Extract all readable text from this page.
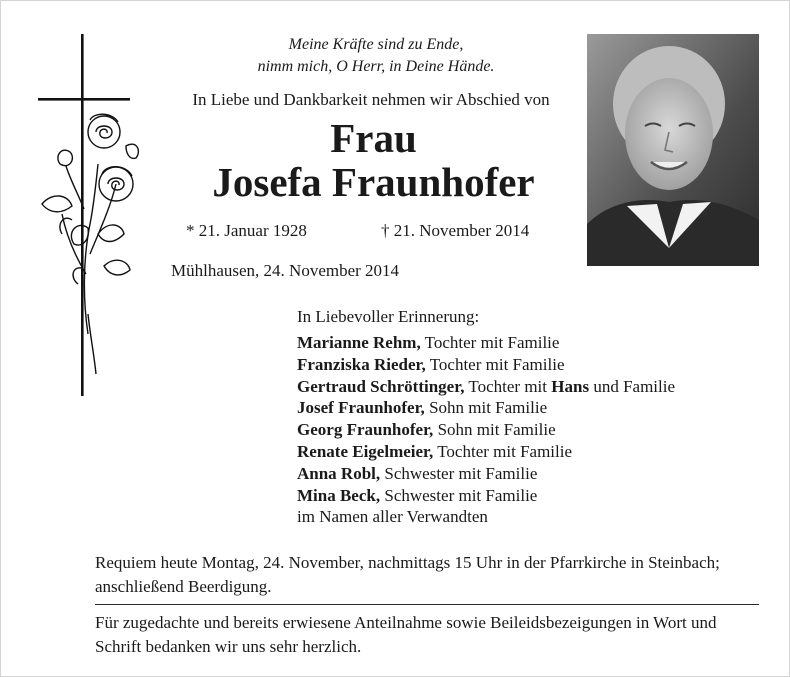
Meine Kräfte sind zu Ende,
nimm mich, O Herr, in Deine Hände.
In Liebe und Dankbarkeit nehmen wir Abschied von
Frau
Josefa Fraunhofer
* 21. Januar 1928	† 21. November 2014
Mühlhausen, 24. November 2014
In Liebevoller Erinnerung:
Marianne Rehm, Tochter mit Familie
Franziska Rieder, Tochter mit Familie
Gertraud Schröttinger, Tochter mit Hans und Familie
Josef Fraunhofer, Sohn mit Familie
Georg Fraunhofer, Sohn mit Familie
Renate Eigelmeier, Tochter mit Familie
Anna Robl, Schwester mit Familie
Mina Beck, Schwester mit Familie
im Namen aller Verwandten
Requiem heute Montag, 24. November, nachmittags 15 Uhr in der Pfarrkirche in Steinbach; anschließend Beerdigung.
Für zugedachte und bereits erwiesene Anteilnahme sowie Beileidsbezeigungen in Wort und Schrift bedanken wir uns sehr herzlich.
